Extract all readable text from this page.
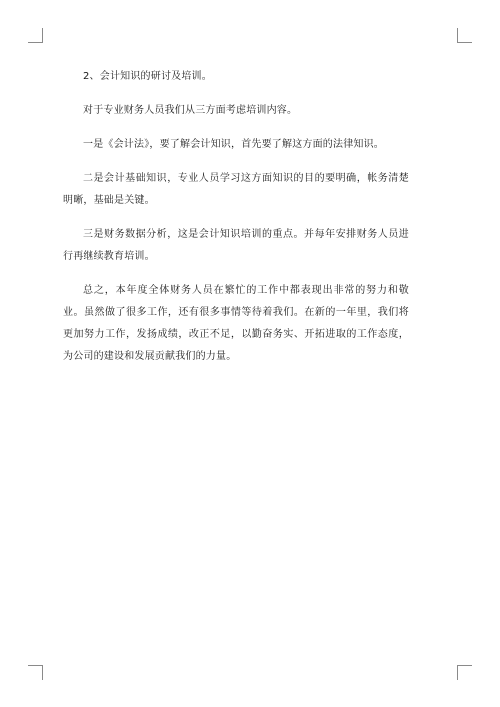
2、会计知识的研讨及培训。

对于专业财务人员我们从三方面考虑培训内容。

一是《会计法》，要了解会计知识，首先要了解这方面的法律知识。

二是会计基础知识，专业人员学习这方面知识的目的要明确，帐务清楚明晰，基础是关键。

三是财务数据分析，这是会计知识培训的重点。并每年安排财务人员进行再继续教育培训。

总之，本年度全体财务人员在繁忙的工作中都表现出非常的努力和敬业。虽然做了很多工作，还有很多事情等待着我们。在新的一年里，我们将更加努力工作，发扬成绩，改正不足，以勤奋务实、开拓进取的工作态度，为公司的建设和发展贡献我们的力量。
